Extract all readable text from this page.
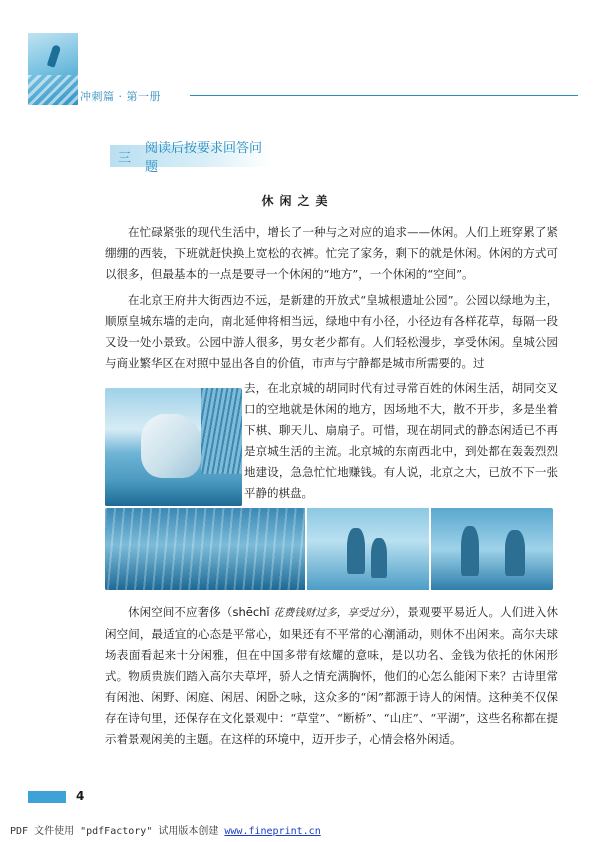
冲刺篇 · 第一册
三
阅读后按要求回答问题
休闲之美

在忙碌紧张的现代生活中，增长了一种与之对应的追求——休闲。人们上班穿累了紧绷绷的西装，下班就赶快换上宽松的衣裤。忙完了家务，剩下的就是休闲。休闲的方式可以很多，但最基本的一点是要寻一个休闲的“地方”，一个休闲的“空间”。

在北京王府井大街西边不远，是新建的开放式“皇城根遗址公园”。公园以绿地为主，顺原皇城东墙的走向，南北延伸将相当远，绿地中有小径，小径边有各样花草，每隔一段又设一处小景致。公园中游人很多，男女老少都有。人们轻松漫步，享受休闲。皇城公园与商业繁华区在对照中显出各自的价值，市声与宁静都是城市所需要的。过

去，在北京城的胡同时代有过寻常百姓的休闲生活，胡同交叉口的空地就是休闲的地方，因场地不大，散不开步，多是坐着下棋、聊天儿、扇扇子。可惜，现在胡同式的静态闲适已不再是京城生活的主流。北京城的东南西北中，到处都在轰轰烈烈地建设，急急忙忙地赚钱。有人说，北京之大，已放不下一张平静的棋盘。

休闲空间不应奢侈（shēchǐ 花费钱财过多，享受过分），景观要平易近人。人们进入休闲空间，最适宜的心态是平常心，如果还有不平常的心潮涌动，则休不出闲来。高尔夫球场表面看起来十分闲雅，但在中国多带有炫耀的意味，是以功名、金钱为依托的休闲形式。物质贵族们踏入高尔夫草坪，骄人之情充满胸怀，他们的心怎么能闲下来？古诗里常有闲池、闲野、闲庭、闲居、闲卧之咏，这众多的“闲”都源于诗人的闲情。这种美不仅保存在诗句里，还保存在文化景观中：“草堂”、“断桥”、“山庄”、“平湖”，这些名称都在提示着景观闲美的主题。在这样的环境中，迈开步子，心情会格外闲适。

4
PDF 文件使用 "pdfFactory" 试用版本创建 www.fineprint.cn
